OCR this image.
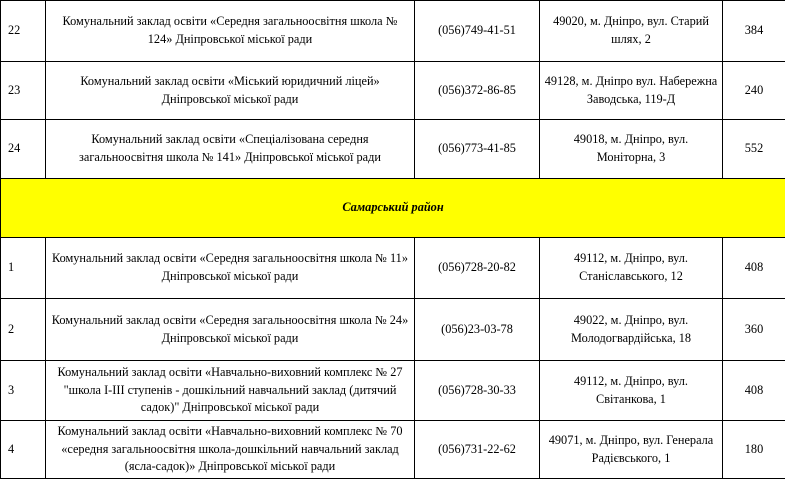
22	Комунальний заклад освіти «Середня загальноосвітня школа № 124» Дніпровської міської ради	(056)749-41-51	49020, м. Дніпро, вул. Старий шлях, 2	384
23	Комунальний заклад освіти «Міський юридичний ліцей» Дніпровської міської ради	(056)372-86-85	49128, м. Дніпро вул. Набережна Заводська, 119-Д	240
24	Комунальний заклад освіти «Спеціалізована середня загальноосвітня школа № 141» Дніпровської міської ради	(056)773-41-85	49018, м. Дніпро, вул. Моніторна, 3	552
Самарський район				
1	Комунальний заклад освіти «Середня загальноосвітня школа № 11» Дніпровської міської ради	(056)728-20-82	49112, м. Дніпро, вул. Станіславського, 12	408
2	Комунальний заклад освіти «Середня загальноосвітня школа № 24» Дніпровської міської ради	(056)23-03-78	49022, м. Дніпро, вул. Молодогвардійська, 18	360
3	Комунальний заклад освіти «Навчально-виховний комплекс № 27 "школа І-ІІІ ступенів - дошкільний навчальний заклад (дитячий садок)" Дніпровської міської ради	(056)728-30-33	49112, м. Дніпро, вул. Світанкова, 1	408
4	Комунальний заклад освіти «Навчально-виховний комплекс № 70 «середня загальноосвітня школа-дошкільний навчальний заклад (ясла-садок)» Дніпровської міської ради	(056)731-22-62	49071, м. Дніпро, вул. Генерала Радієвського, 1	180
